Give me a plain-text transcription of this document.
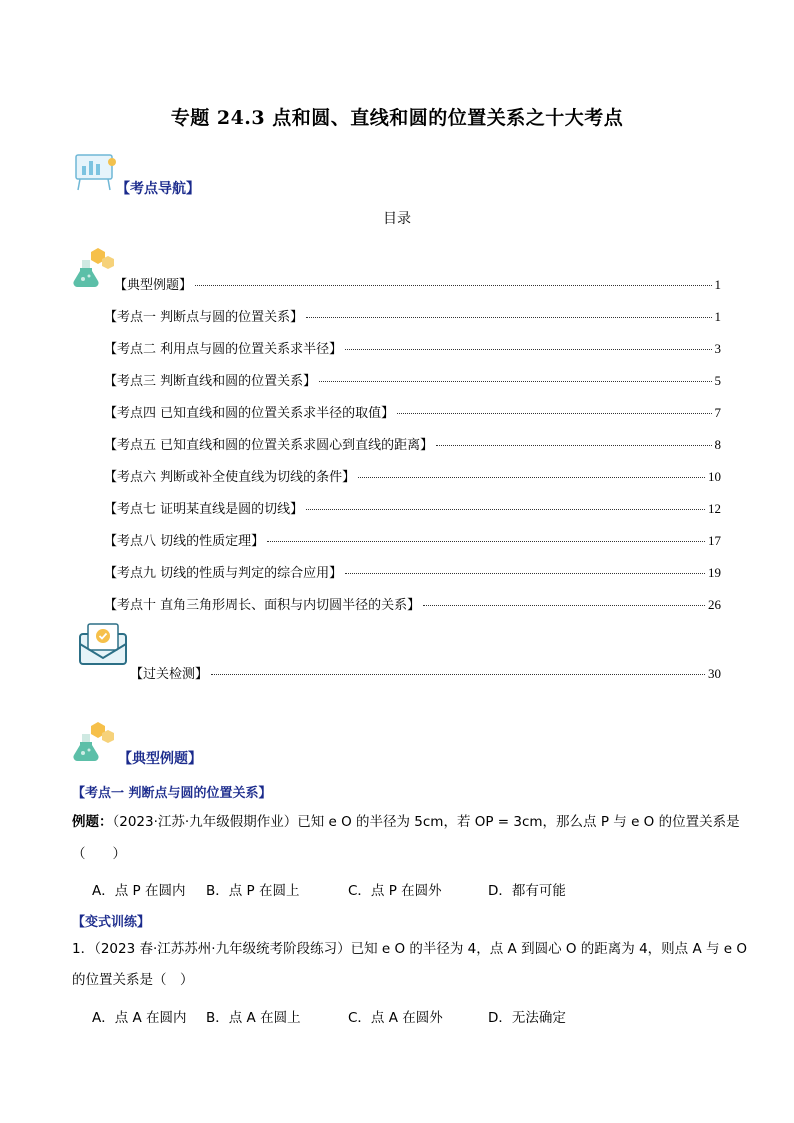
专题 24.3 点和圆、直线和圆的位置关系之十大考点
【考点导航】
目录
【典型例题】	1
【考点一 判断点与圆的位置关系】	1
【考点二 利用点与圆的位置关系求半径】	3
【考点三 判断直线和圆的位置关系】	5
【考点四 已知直线和圆的位置关系求半径的取值】	7
【考点五 已知直线和圆的位置关系求圆心到直线的距离】	8
【考点六 判断或补全使直线为切线的条件】	10
【考点七 证明某直线是圆的切线】	12
【考点八 切线的性质定理】	17
【考点九 切线的性质与判定的综合应用】	19
【考点十 直角三角形周长、面积与内切圆半径的关系】	26
【过关检测】	30
【典型例题】
【考点一 判断点与圆的位置关系】
例题：（2023·江苏·九年级假期作业）已知 e O 的半径为 5cm，若 OP = 3cm，那么点 P 与 e O 的位置关系是
（　　）
A．点 P 在圆内	B．点 P 在圆上	C．点 P 在圆外	D．都有可能
【变式训练】
1．（2023 春·江苏苏州·九年级统考阶段练习）已知 e O 的半径为 4，点 A 到圆心 O 的距离为 4，则点 A 与 e O
的位置关系是（　）
A．点 A 在圆内	B．点 A 在圆上	C．点 A 在圆外	D．无法确定
